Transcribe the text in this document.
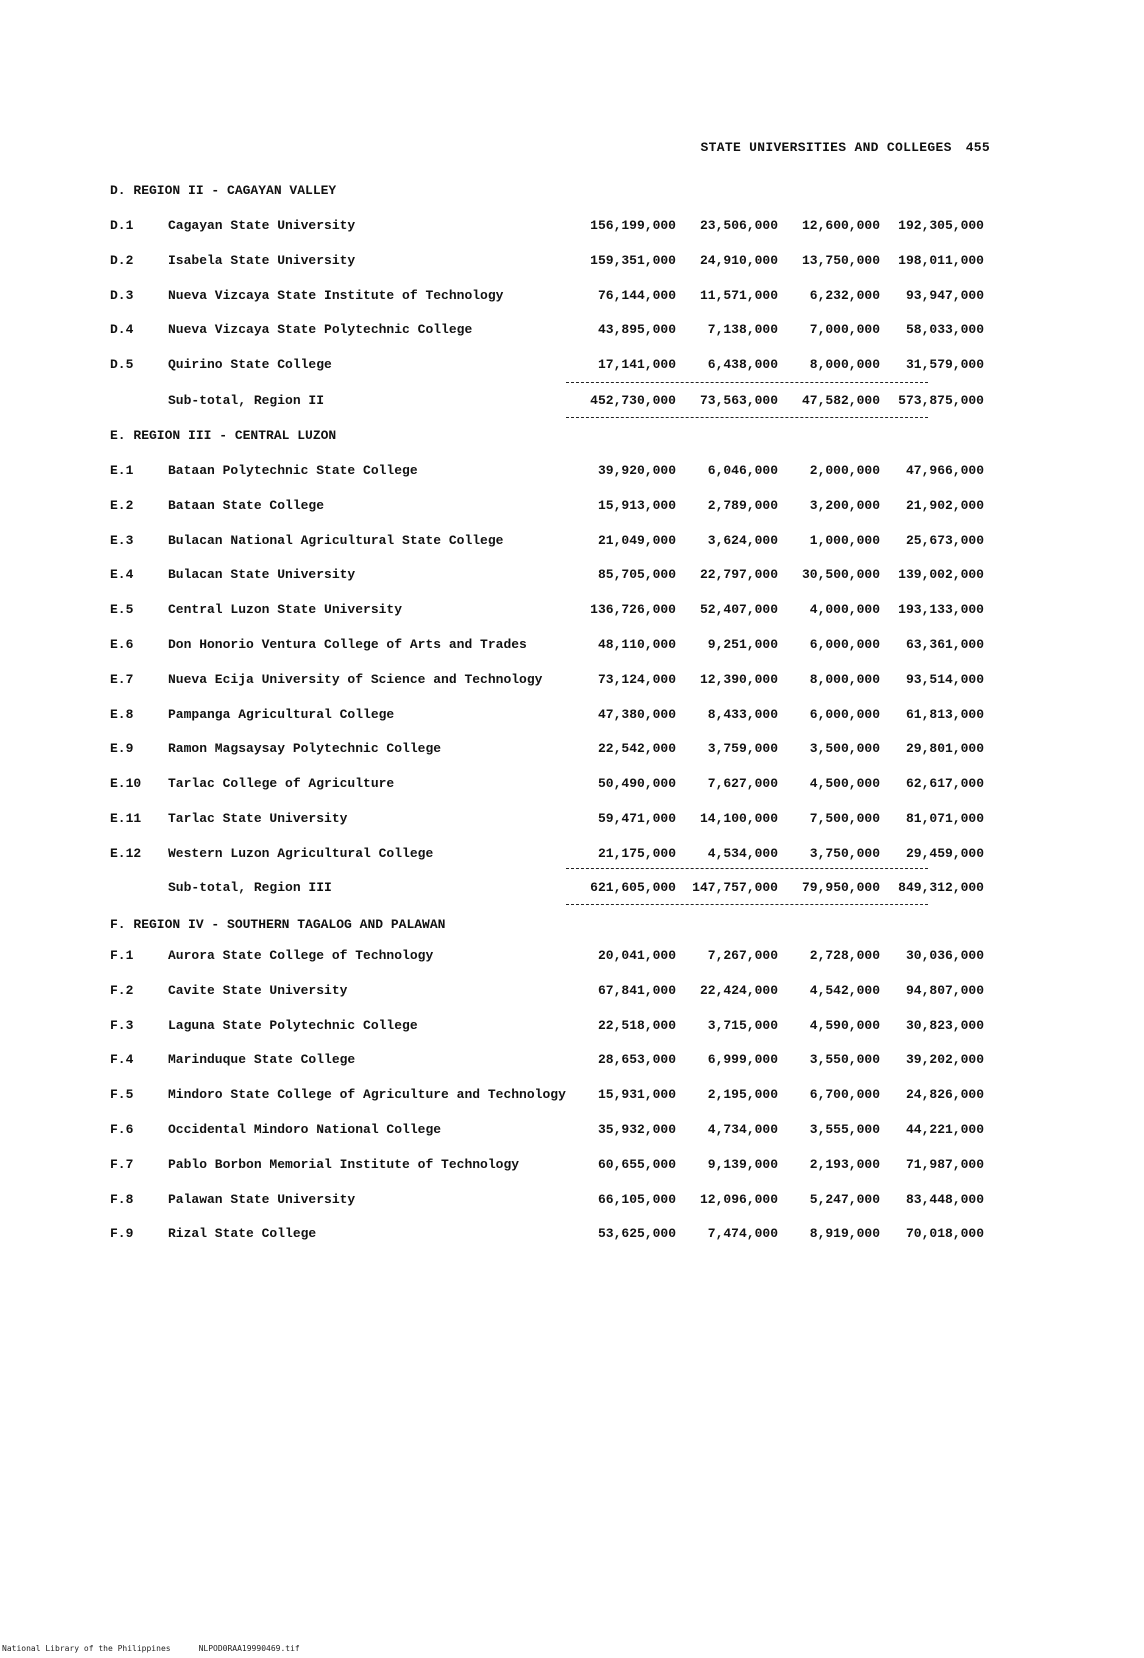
STATE UNIVERSITIES AND COLLEGES 455
D. REGION II - CAGAYAN VALLEY
D.1	Cagayan State University	156,199,000	23,506,000	12,600,000	192,305,000
D.2	Isabela State University	159,351,000	24,910,000	13,750,000	198,011,000
D.3	Nueva Vizcaya State Institute of Technology	76,144,000	11,571,000	6,232,000	93,947,000
D.4	Nueva Vizcaya State Polytechnic College	43,895,000	7,138,000	7,000,000	58,033,000
D.5	Quirino State College	17,141,000	6,438,000	8,000,000	31,579,000
Sub-total, Region II	452,730,000	73,563,000	47,582,000	573,875,000
E. REGION III - CENTRAL LUZON
E.1	Bataan Polytechnic State College	39,920,000	6,046,000	2,000,000	47,966,000
E.2	Bataan State College	15,913,000	2,789,000	3,200,000	21,902,000
E.3	Bulacan National Agricultural State College	21,049,000	3,624,000	1,000,000	25,673,000
E.4	Bulacan State University	85,705,000	22,797,000	30,500,000	139,002,000
E.5	Central Luzon State University	136,726,000	52,407,000	4,000,000	193,133,000
E.6	Don Honorio Ventura College of Arts and Trades	48,110,000	9,251,000	6,000,000	63,361,000
E.7	Nueva Ecija University of Science and Technology	73,124,000	12,390,000	8,000,000	93,514,000
E.8	Pampanga Agricultural College	47,380,000	8,433,000	6,000,000	61,813,000
E.9	Ramon Magsaysay Polytechnic College	22,542,000	3,759,000	3,500,000	29,801,000
E.10 Tarlac College of Agriculture	50,490,000	7,627,000	4,500,000	62,617,000
E.11 Tarlac State University	59,471,000	14,100,000	7,500,000	81,071,000
E.12 Western Luzon Agricultural College	21,175,000	4,534,000	3,750,000	29,459,000
Sub-total, Region III	621,605,000	147,757,000	79,950,000	849,312,000
F. REGION IV - SOUTHERN TAGALOG AND PALAWAN
F.1	Aurora State College of Technology	20,041,000	7,267,000	2,728,000	30,036,000
F.2	Cavite State University	67,841,000	22,424,000	4,542,000	94,807,000
F.3	Laguna State Polytechnic College	22,518,000	3,715,000	4,590,000	30,823,000
F.4	Marinduque State College	28,653,000	6,999,000	3,550,000	39,202,000
F.5	Mindoro State College of Agriculture and Technology	15,931,000	2,195,000	6,700,000	24,826,000
F.6	Occidental Mindoro National College	35,932,000	4,734,000	3,555,000	44,221,000
F.7	Pablo Borbon Memorial Institute of Technology	60,655,000	9,139,000	2,193,000	71,987,000
F.8	Palawan State University	66,105,000	12,096,000	5,247,000	83,448,000
F.9	Rizal State College	53,625,000	7,474,000	8,919,000	70,018,000
National Library of the Philippines	NLPOD0RAA19990469.tif
